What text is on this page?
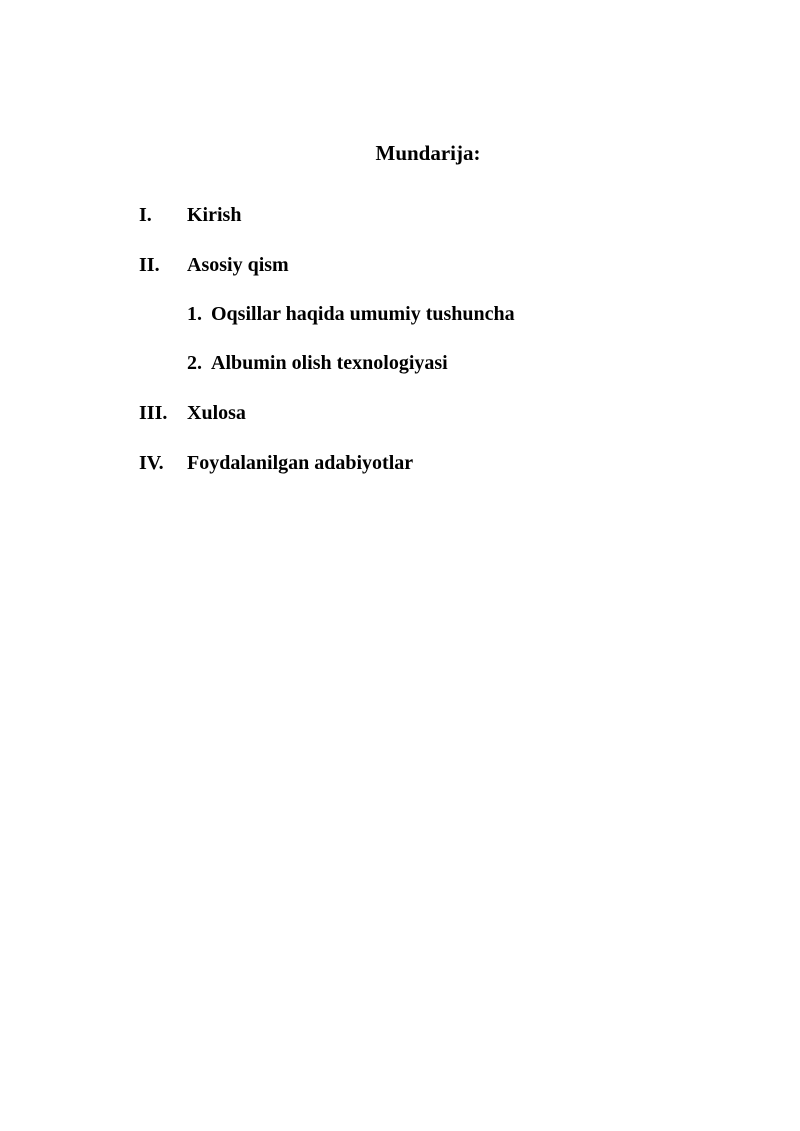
Mundarija:
I. Kirish
II. Asosiy qism
1. Oqsillar haqida umumiy tushuncha
2. Albumin olish texnologiyasi
III. Xulosa
IV. Foydalanilgan adabiyotlar
